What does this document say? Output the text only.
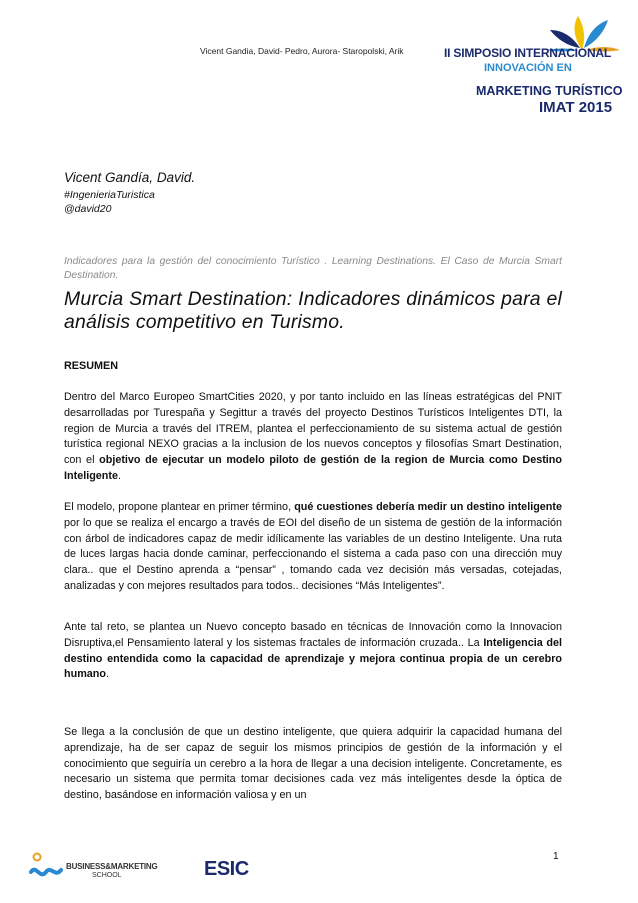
Vicent Gandia, David- Pedro, Aurora- Staropolski, Arik	II SIMPOSIO INTERNACIONAL
INNOVACIÓN EN
MARKETING TURÍSTICO
IMAT 2015
Vicent Gandía, David.
#IngenieriaTuristica
@david20
Indicadores para la gestión del conocimiento Turístico . Learning Destinations. El Caso de Murcia Smart Destination.
Murcia Smart Destination: Indicadores dinámicos para el análisis competitivo en Turismo.
RESUMEN
Dentro del Marco Europeo SmartCities 2020, y por tanto incluido en las líneas estratégicas del PNIT desarrolladas por Turespaña y Segittur a través del proyecto Destinos Turísticos Inteligentes DTI, la region de Murcia a través del ITREM, plantea el perfeccionamiento de su sistema actual de gestión turística regional NEXO gracias a la inclusion de los nuevos conceptos y filosofías Smart Destination, con el objetivo de ejecutar un modelo piloto de gestión de la region de Murcia como Destino Inteligente.
El modelo, propone plantear en primer término, qué cuestiones debería medir un destino inteligente por lo que se realiza el encargo a través de EOI del diseño de un sistema de gestión de la información con árbol de indicadores capaz de medir idílicamente las variables de un destino Inteligente. Una ruta de luces largas hacia donde caminar, perfeccionando el sistema a cada paso con una dirección muy clara.. que el Destino aprenda a “pensar” , tomando cada vez decisión más versadas, cotejadas, analizadas y con mejores resultados para todos.. decisiones “Más Inteligentes”.
Ante tal reto, se plantea un Nuevo concepto basado en técnicas de Innovación como la Innovacion Disruptiva,el Pensamiento lateral y los sistemas fractales de información cruzada.. La Inteligencia del destino entendida como la capacidad de aprendizaje y mejora continua propia de un cerebro humano.
Se llega a la conclusión de que un destino inteligente, que quiera adquirir la capacidad humana del aprendizaje, ha de ser capaz de seguir los mismos principios de gestión de la información y el conocimiento que seguiría un cerebro a la hora de llegar a una decision inteligente. Concretamente, es necesario un sistema que permita tomar decisiones cada vez más inteligentes desde la óptica de destino, basándose en información valiosa y en un
BUSINESS&MARKETING
SCHOOL	ESIC
1
